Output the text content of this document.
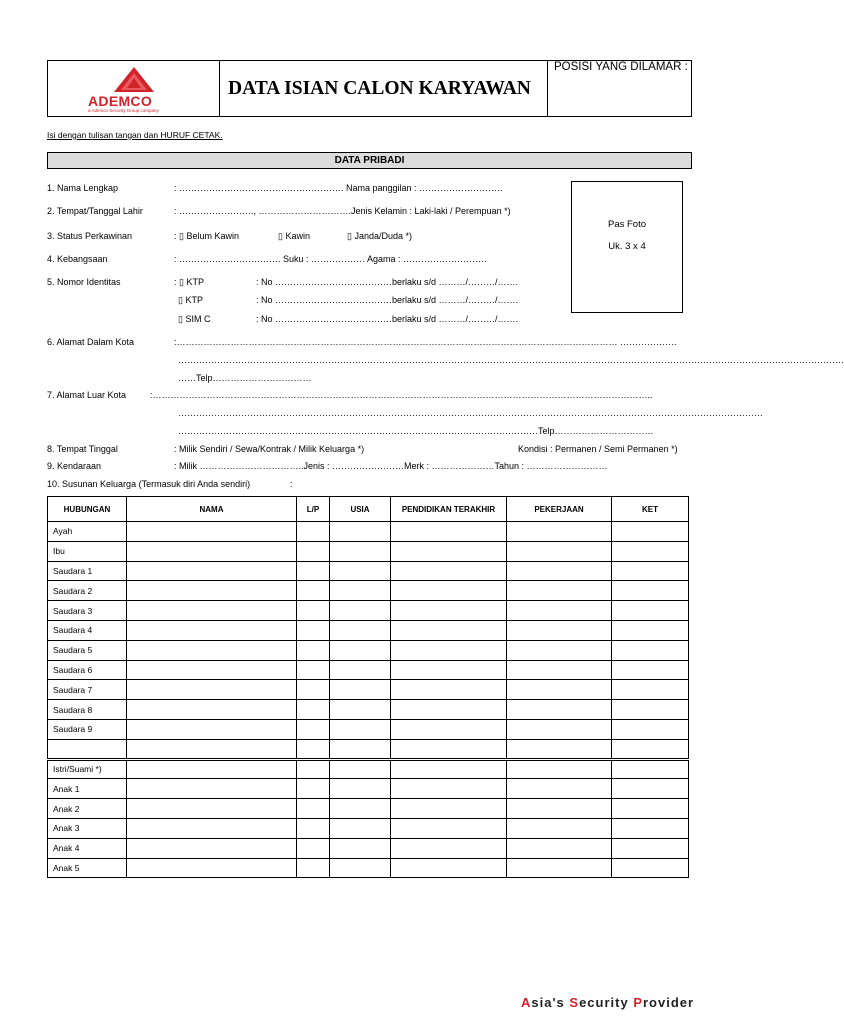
ADEMCO
a Ademco Security Group company
DATA ISIAN CALON KARYAWAN
POSISI YANG DILAMAR :
Isi dengan tulisan tangan dan HURUF CETAK.
DATA PRIBADI
Pas Foto
Uk. 3 x 4
1. Nama Lengkap	: ………………………………………………. Nama panggilan : ……………………….
2. Tempat/Tanggal Lahir	: ……………………., ………………………….Jenis Kelamin : Laki-laki / Perempuan *)
3. Status Perkawinan	: ▯ Belum Kawin	▯ Kawin	▯ Janda/Duda *)
4. Kebangsaan	: ……………………………. Suku : ……………… Agama : ……………………….
5. Nomor Identitas	: ▯ KTP	: No …………………………………berlaku s/d ………/………/…….
▯ KTP	: No …………………………………berlaku s/d ………/………/…….
▯ SIM C	: No …………………………………berlaku s/d ………/………/…….
6. Alamat Dalam Kota	:………………………………………………………………………………………………………………………………… ……………….
……………………………………………………………………………………………………………………………………………………………………………………………………
……Telp……………………………
7. Alamat Luar Kota	:…………………………………………………………………………………………………………………………………………………..
……………………………………………………………………………………………………………………………………………………………………………
…………………………………………………………………………………………………………Telp……………………………
8. Tempat Tinggal	: Milik Sendiri / Sewa/Kontrak / Milik Keluarga *)	Kondisi : Permanen / Semi Permanen *)
9. Kendaraan	: Milik ……………………………..Jenis : ……………………Merk : …………………Tahun : ………………………
10. Susunan Keluarga (Termasuk diri Anda sendiri)	:
HUBUNGAN	NAMA	L/P	USIA	PENDIDIKAN TERAKHIR	PEKERJAAN	KET
Ayah						
Ibu						
Saudara 1						
Saudara 2						
Saudara 3						
Saudara 4						
Saudara 5						
Saudara 6						
Saudara 7						
Saudara 8						
Saudara 9						

Istri/Suami *)						
Anak 1						
Anak 2						
Anak 3						
Anak 4						
Anak 5						
Asia's Security Provider
